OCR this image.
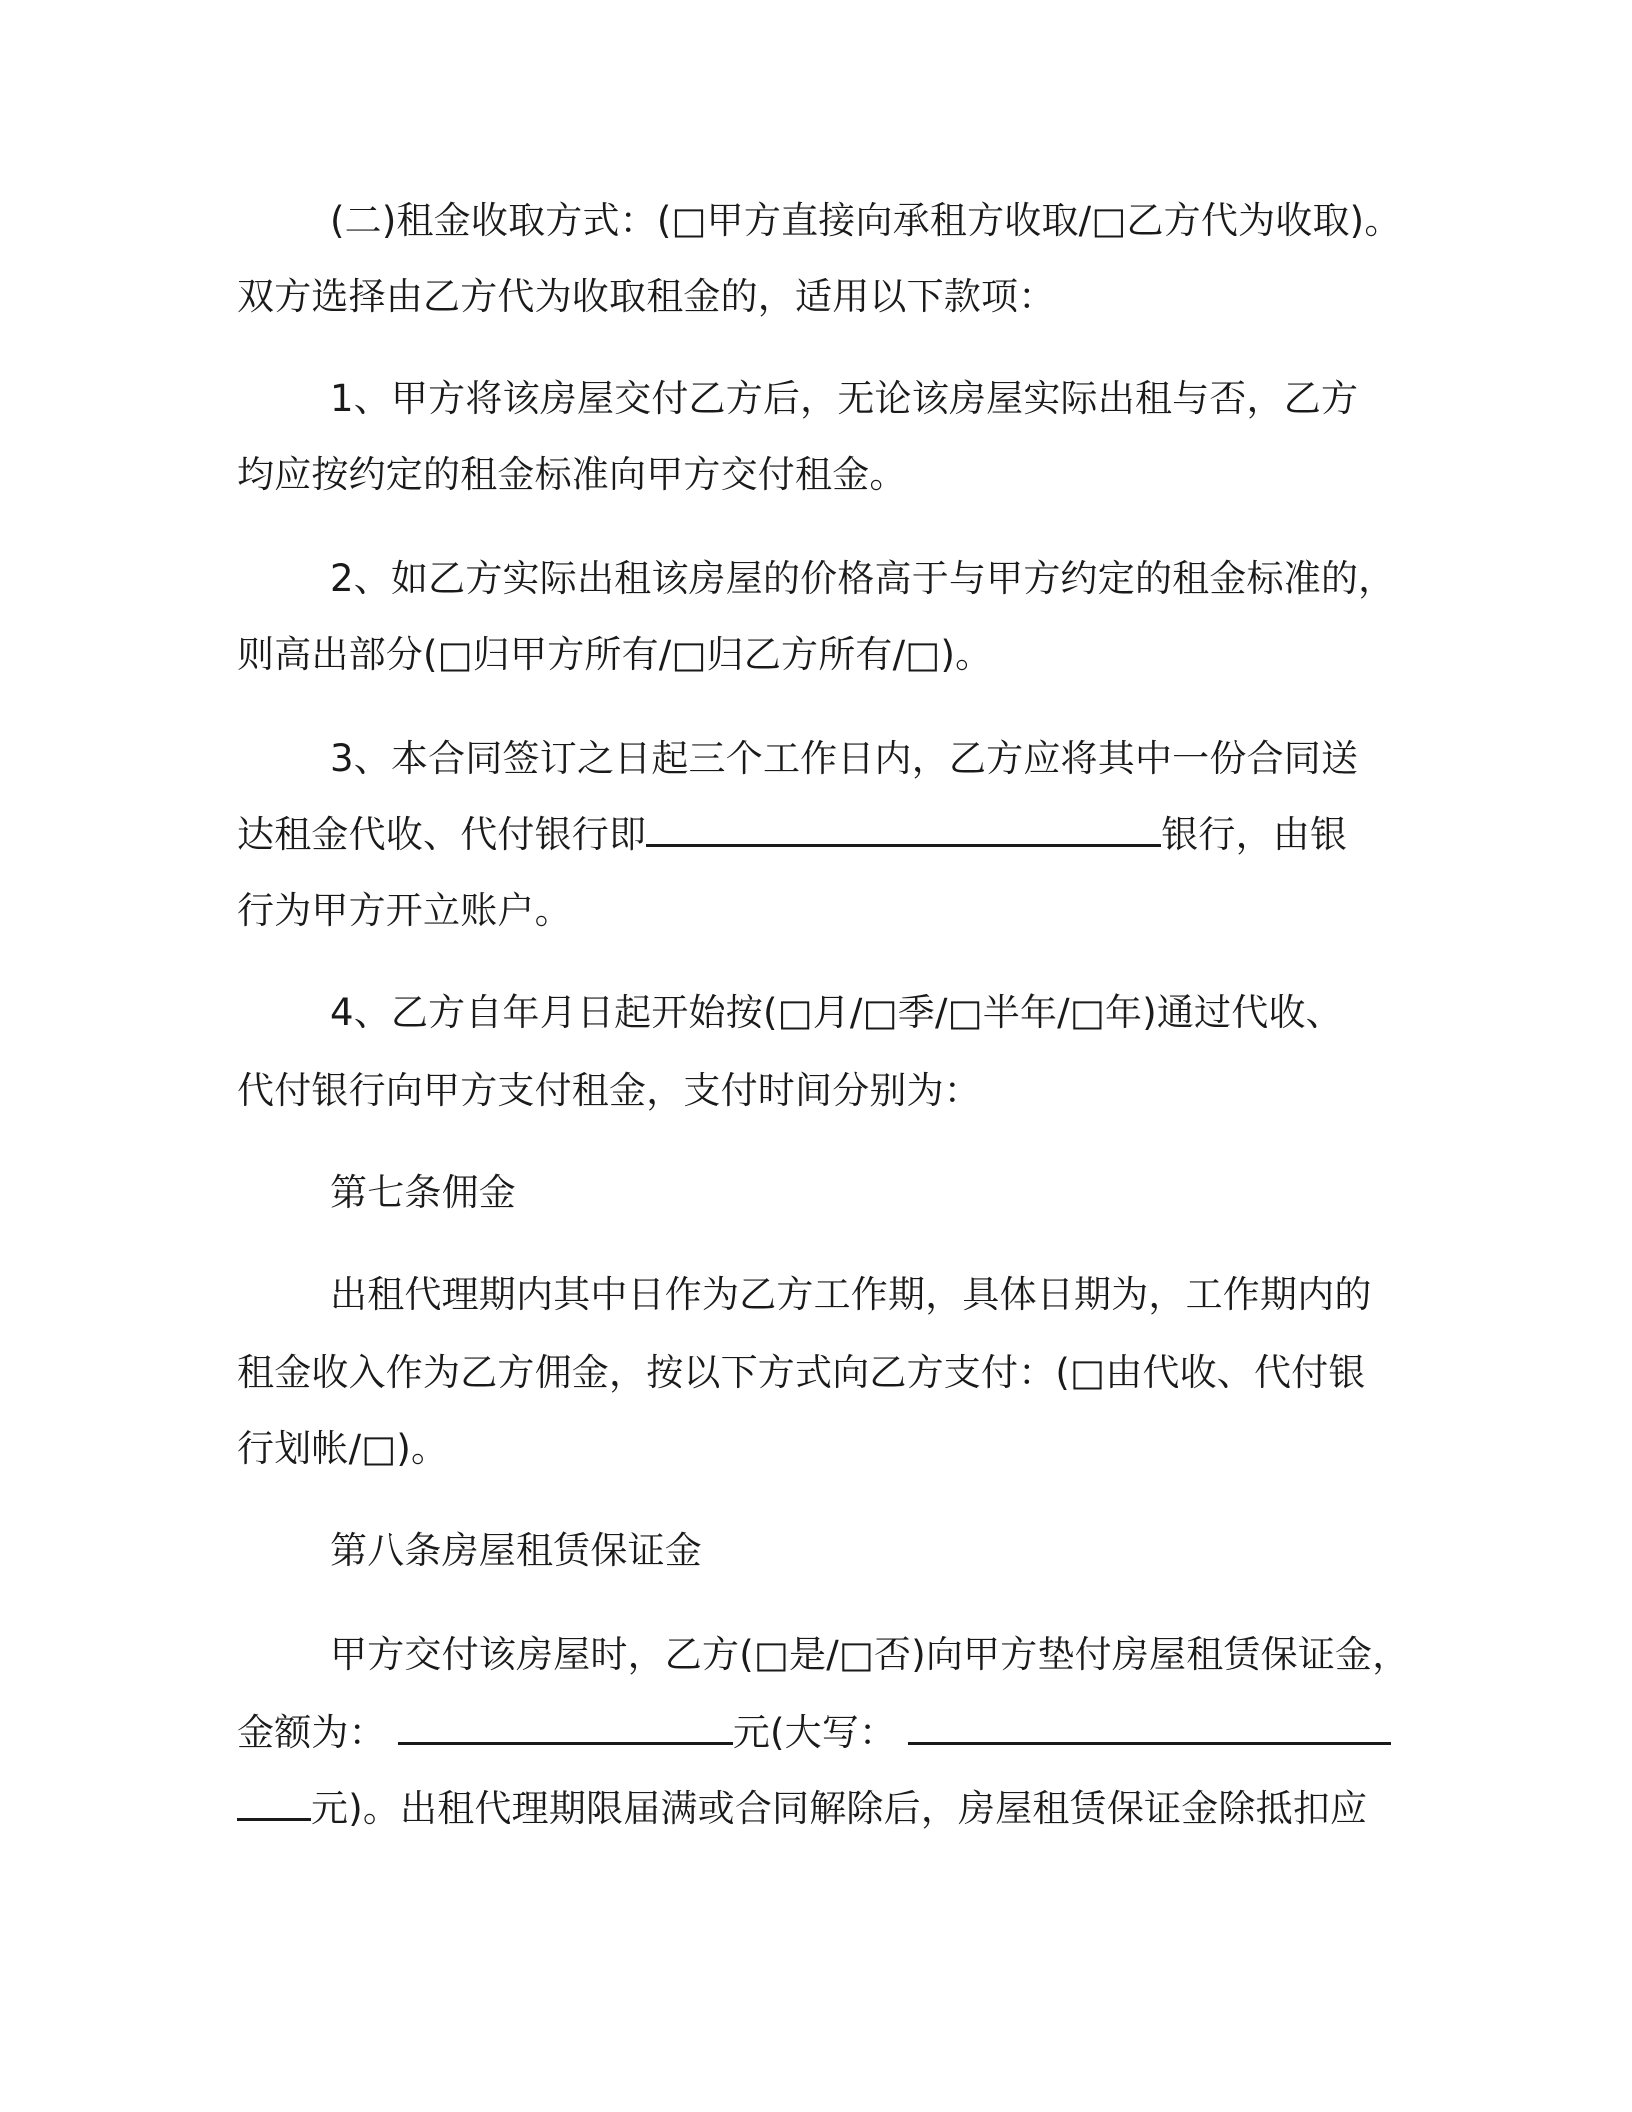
(二)租金收取方式：(□甲方直接向承租方收取/□乙方代为收取)。
双方选择由乙方代为收取租金的，适用以下款项：
1、甲方将该房屋交付乙方后，无论该房屋实际出租与否，乙方
均应按约定的租金标准向甲方交付租金。
2、如乙方实际出租该房屋的价格高于与甲方约定的租金标准的，
则高出部分(□归甲方所有/□归乙方所有/□)。
3、本合同签订之日起三个工作日内，乙方应将其中一份合同送
达租金代收、代付银行即	银行，由银
行为甲方开立账户。
4、乙方自年月日起开始按(□月/□季/□半年/□年)通过代收、
代付银行向甲方支付租金，支付时间分别为：
第七条佣金
出租代理期内其中日作为乙方工作期，具体日期为，工作期内的
租金收入作为乙方佣金，按以下方式向乙方支付：(□由代收、代付银
行划帐/□)。
第八条房屋租赁保证金
甲方交付该房屋时，乙方(□是/□否)向甲方垫付房屋租赁保证金，
金额为：	元(大写：
元)。出租代理期限届满或合同解除后，房屋租赁保证金除抵扣应
